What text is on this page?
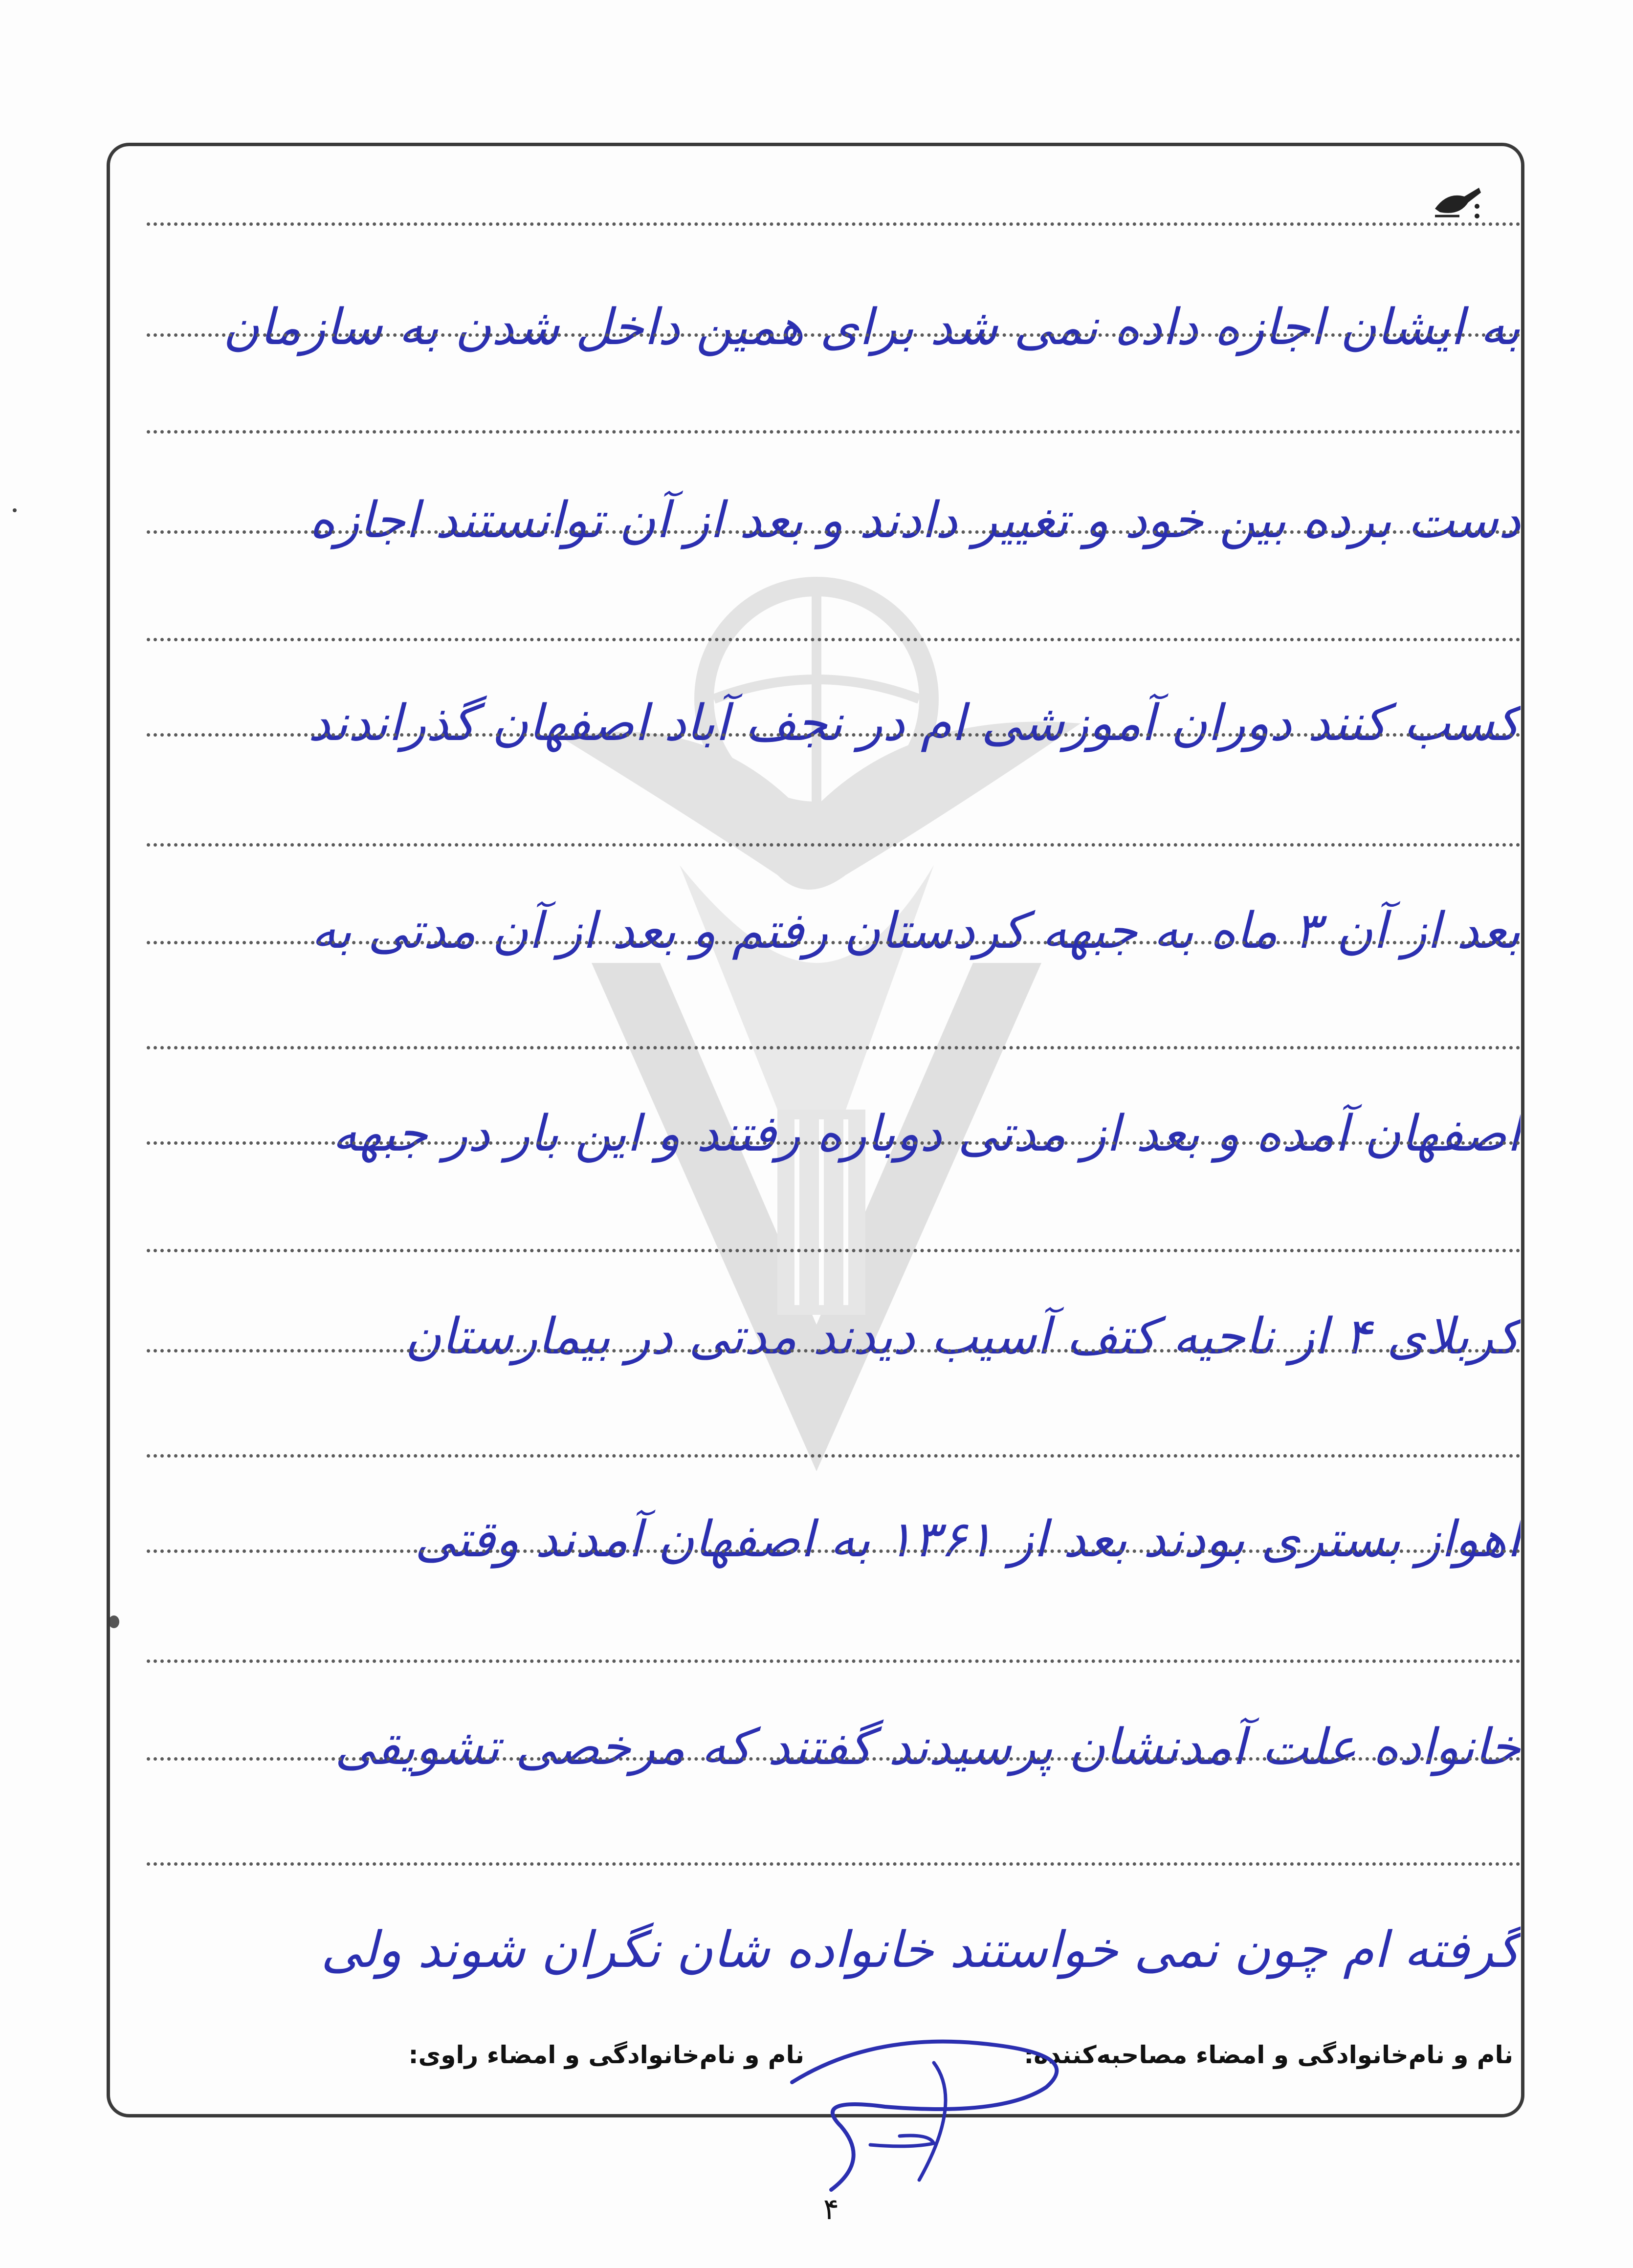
به ایشان اجازه داده نمی شد برای همین داخل شدن به سازمان
دست برده بین خود و تغییر دادند و بعد از آن توانستند اجازه
کسب کنند دوران آموزشی ام در نجف آباد اصفهان گذراندند
بعد از آن ۳ ماه به جبهه کردستان رفتم و بعد از آن مدتی به
اصفهان آمده و بعد از مدتی دوباره رفتند و این بار در جبهه
کربلای ۴ از ناحیه کتف آسیب دیدند مدتی در بیمارستان
اهواز بستری بودند بعد از ۱۳۶۱ به اصفهان آمدند وقتی
خانواده علت آمدنشان پرسیدند گفتند که مرخصی تشویقی
گرفته ام چون نمی خواستند خانواده شان نگران شوند ولی
نام و نام‌خانوادگی و امضاء مصاحبه‌کننده:
نام و نام‌خانوادگی و امضاء راوی:
۴
